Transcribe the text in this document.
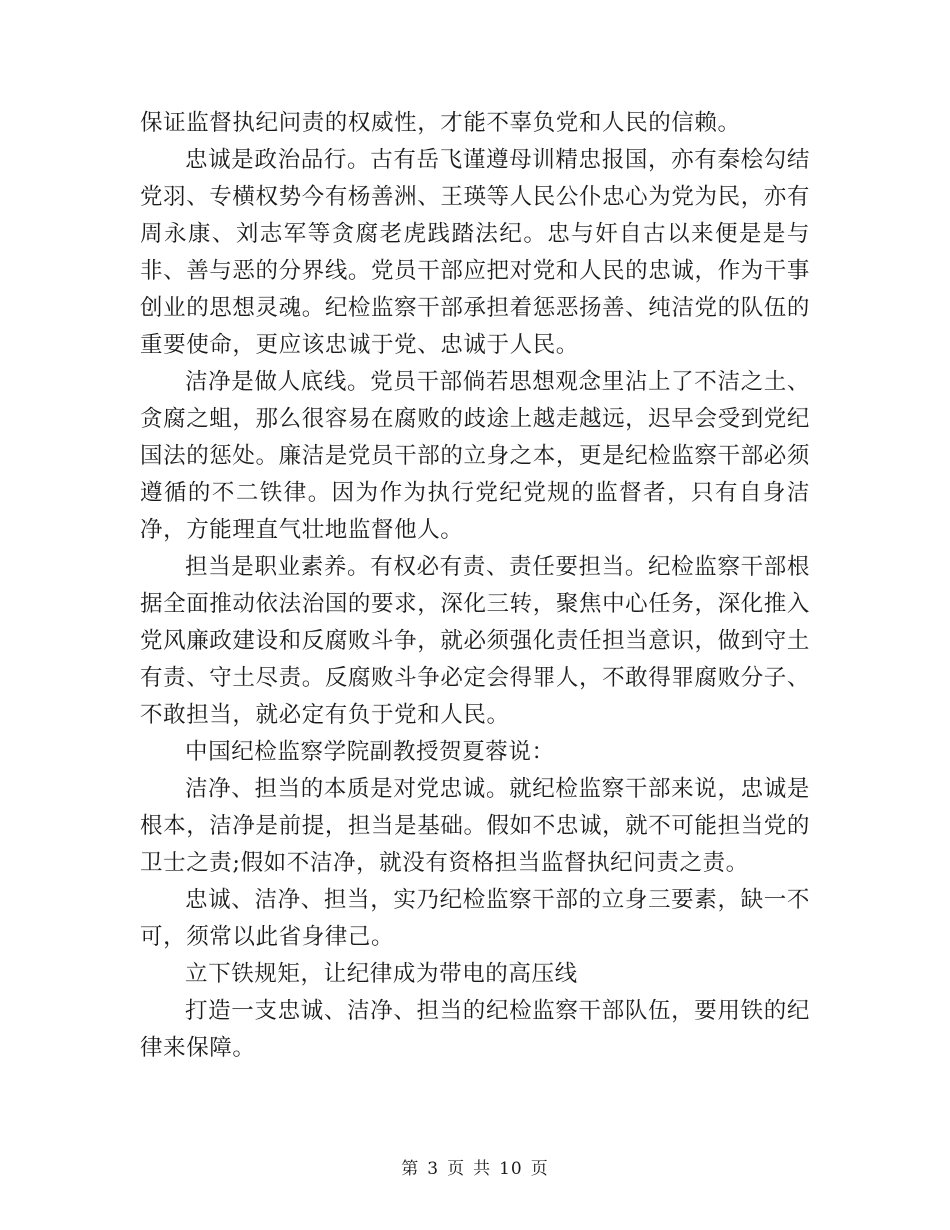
保证监督执纪问责的权威性，才能不辜负党和人民的信赖。

忠诚是政治品行。古有岳飞谨遵母训精忠报国，亦有秦桧勾结党羽、专横权势今有杨善洲、王瑛等人民公仆忠心为党为民，亦有周永康、刘志军等贪腐老虎践踏法纪。忠与奸自古以来便是是与非、善与恶的分界线。党员干部应把对党和人民的忠诚，作为干事创业的思想灵魂。纪检监察干部承担着惩恶扬善、纯洁党的队伍的重要使命，更应该忠诚于党、忠诚于人民。

洁净是做人底线。党员干部倘若思想观念里沾上了不洁之土、贪腐之蛆，那么很容易在腐败的歧途上越走越远，迟早会受到党纪国法的惩处。廉洁是党员干部的立身之本，更是纪检监察干部必须遵循的不二铁律。因为作为执行党纪党规的监督者，只有自身洁净，方能理直气壮地监督他人。

担当是职业素养。有权必有责、责任要担当。纪检监察干部根据全面推动依法治国的要求，深化三转，聚焦中心任务，深化推入党风廉政建设和反腐败斗争，就必须强化责任担当意识，做到守土有责、守土尽责。反腐败斗争必定会得罪人，不敢得罪腐败分子、不敢担当，就必定有负于党和人民。

中国纪检监察学院副教授贺夏蓉说：

洁净、担当的本质是对党忠诚。就纪检监察干部来说，忠诚是根本，洁净是前提，担当是基础。假如不忠诚，就不可能担当党的卫士之责;假如不洁净，就没有资格担当监督执纪问责之责。

忠诚、洁净、担当，实乃纪检监察干部的立身三要素，缺一不可，须常以此省身律己。

立下铁规矩，让纪律成为带电的高压线

打造一支忠诚、洁净、担当的纪检监察干部队伍，要用铁的纪律来保障。

第 3 页 共 10 页
